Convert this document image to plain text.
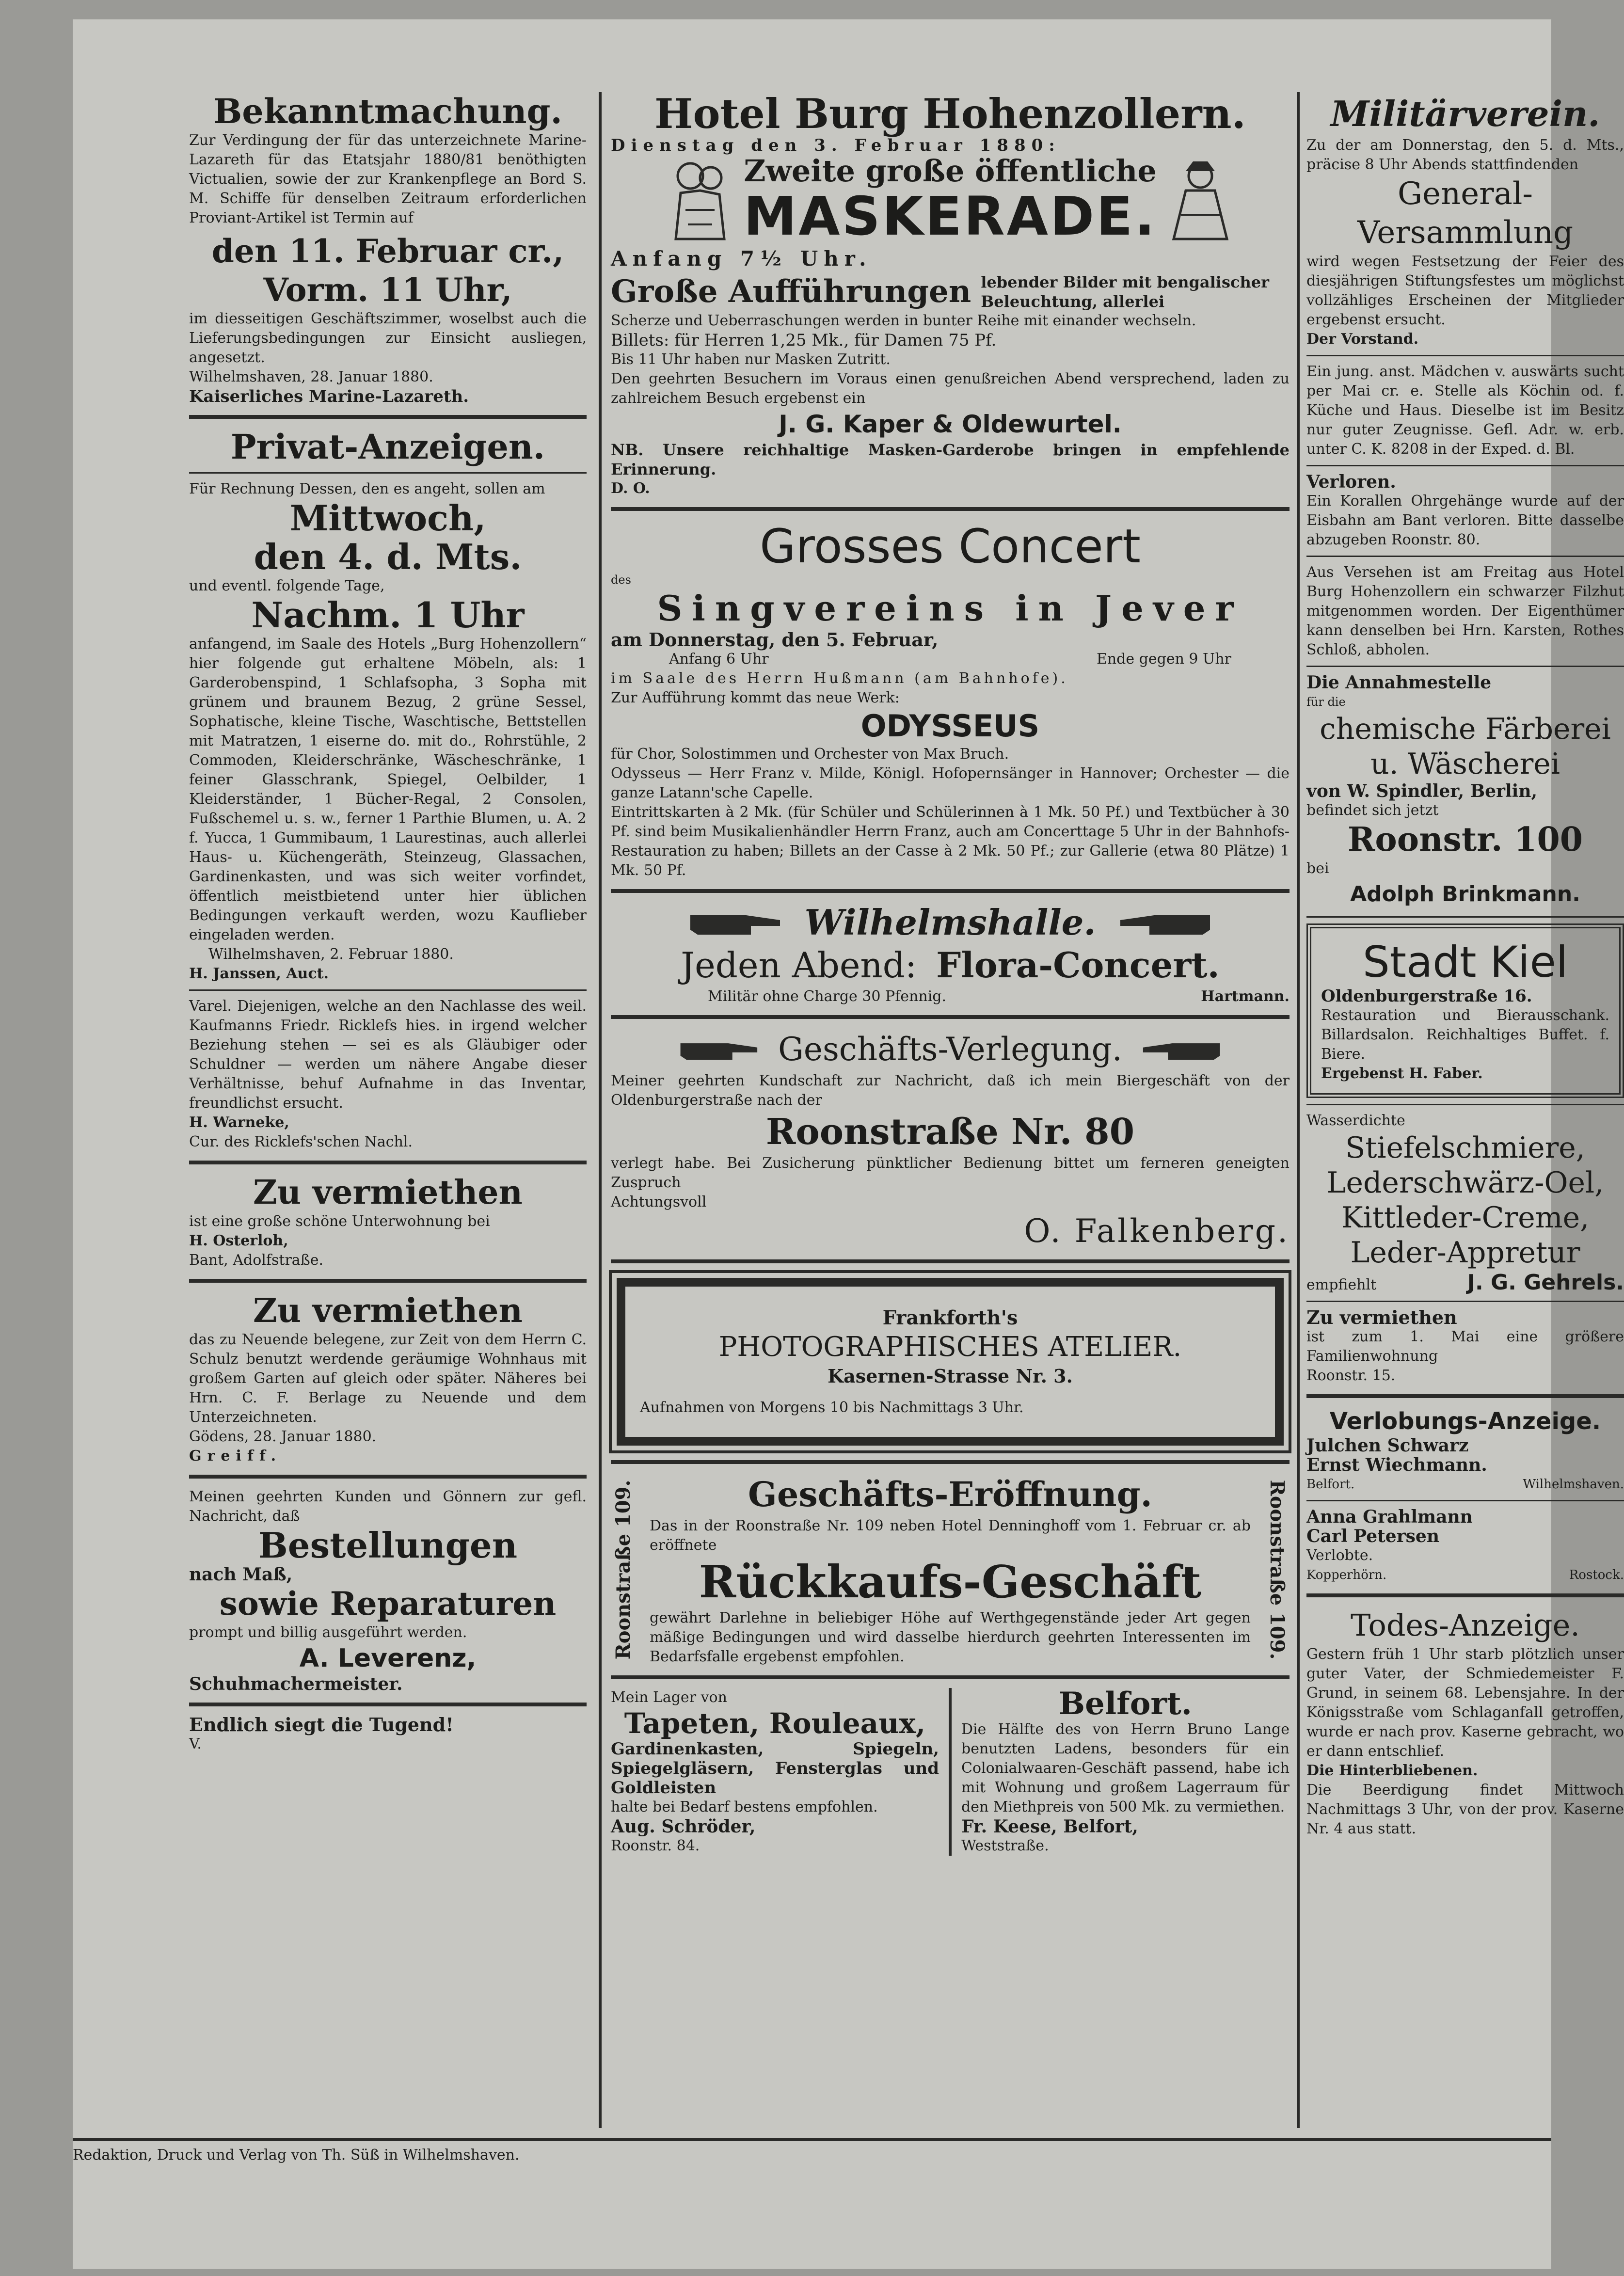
Bekanntmachung.
Zur Verdingung der für das unterzeichnete Marine-Lazareth für das Etatsjahr 1880/81 benöthigten Victualien, sowie der zur Krankenpflege an Bord S. M. Schiffe für denselben Zeitraum erforderlichen Proviant-Artikel ist Termin auf
den 11. Februar cr.,
Vorm. 11 Uhr,
im diesseitigen Geschäftszimmer, woselbst auch die Lieferungsbedingungen zur Einsicht ausliegen, angesetzt.
Wilhelmshaven, 28. Januar 1880.
Kaiserliches Marine-Lazareth.
Privat-Anzeigen.
Für Rechnung Dessen, den es angeht, sollen am
Mittwoch,
den 4. d. Mts.
und eventl. folgende Tage,
Nachm. 1 Uhr
anfangend, im Saale des Hotels „Burg Hohenzollern“ hier folgende gut erhaltene Möbeln, als: 1 Garderobenspind, 1 Schlafsopha, 3 Sopha mit grünem und braunem Bezug, 2 grüne Sessel, Sophatische, kleine Tische, Waschtische, Bettstellen mit Matratzen, 1 eiserne do. mit do., Rohrstühle, 2 Commoden, Kleiderschränke, Wäscheschränke, 1 feiner Glasschrank, Spiegel, Oelbilder, 1 Kleiderständer, 1 Bücher-Regal, 2 Consolen, Fußschemel u. s. w., ferner 1 Parthie Blumen, u. A. 2 f. Yucca, 1 Gummibaum, 1 Laurestinas, auch allerlei Haus- u. Küchengeräth, Steinzeug, Glassachen, Gardinenkasten, und was sich weiter vorfindet, öffentlich meistbietend unter hier üblichen Bedingungen verkauft werden, wozu Kauflieber eingeladen werden.
Wilhelmshaven, 2. Februar 1880.
H. Janssen, Auct.
Varel. Diejenigen, welche an den Nachlasse des weil. Kaufmanns Friedr. Ricklefs hies. in irgend welcher Beziehung stehen — sei es als Gläubiger oder Schuldner — werden um nähere Angabe dieser Verhältnisse, behuf Aufnahme in das Inventar, freundlichst ersucht.
H. Warneke,
Cur. des Ricklefs'schen Nachl.
Zu vermiethen
ist eine große schöne Unterwohnung bei
H. Osterloh,
Bant, Adolfstraße.
Zu vermiethen
das zu Neuende belegene, zur Zeit von dem Herrn C. Schulz benutzt werdende geräumige Wohnhaus mit großem Garten auf gleich oder später. Näheres bei Hrn. C. F. Berlage zu Neuende und dem Unterzeichneten.
Gödens, 28. Januar 1880.
Greiff.
Meinen geehrten Kunden und Gönnern zur gefl. Nachricht, daß
Bestellungen
nach Maß,
sowie Reparaturen
prompt und billig ausgeführt werden.
A. Leverenz,
Schuhmachermeister.
Endlich siegt die Tugend!
V.
Hotel Burg Hohenzollern.
Dienstag den 3. Februar 1880:
Zweite große öffentliche
MASKERADE.
Anfang 7½ Uhr.
Große Aufführungen lebender Bilder mit bengalischer Beleuchtung, allerlei
Scherze und Ueberraschungen werden in bunter Reihe mit einander wechseln.
Billets: für Herren 1,25 Mk., für Damen 75 Pf.
Bis 11 Uhr haben nur Masken Zutritt.
Den geehrten Besuchern im Voraus einen genußreichen Abend versprechend, laden zu zahlreichem Besuch ergebenst ein
J. G. Kaper & Oldewurtel.
NB. Unsere reichhaltige Masken-Garderobe bringen in empfehlende Erinnerung.
D. O.
Grosses Concert
des
Singvereins in Jever
am Donnerstag, den 5. Februar,
Anfang 6 Uhr	Ende gegen 9 Uhr
im Saale des Herrn Hußmann (am Bahnhofe).
Zur Aufführung kommt das neue Werk:
ODYSSEUS
für Chor, Solostimmen und Orchester von Max Bruch.
Odysseus — Herr Franz v. Milde, Königl. Hofopernsänger in Hannover; Orchester — die ganze Latann'sche Capelle.
Eintrittskarten à 2 Mk. (für Schüler und Schülerinnen à 1 Mk. 50 Pf.) und Textbücher à 30 Pf. sind beim Musikalienhändler Herrn Franz, auch am Concerttage 5 Uhr in der Bahnhofs-Restauration zu haben; Billets an der Casse à 2 Mk. 50 Pf.; zur Gallerie (etwa 80 Plätze) 1 Mk. 50 Pf.
Wilhelmshalle.
Jeden Abend: Flora-Concert.
Militär ohne Charge 30 Pfennig.	Hartmann.
Geschäfts-Verlegung.
Meiner geehrten Kundschaft zur Nachricht, daß ich mein Biergeschäft von der Oldenburgerstraße nach der
Roonstraße Nr. 80
verlegt habe. Bei Zusicherung pünktlicher Bedienung bittet um ferneren geneigten Zuspruch
Achtungsvoll
O. Falkenberg.
Frankforth's
PHOTOGRAPHISCHES ATELIER.
Kasernen-Strasse Nr. 3.
Aufnahmen von Morgens 10 bis Nachmittags 3 Uhr.
Roonstraße 109.	Roonstraße 109.
Geschäfts-Eröffnung.
Das in der Roonstraße Nr. 109 neben Hotel Denninghoff vom 1. Februar cr. ab eröffnete
Rückkaufs-Geschäft
gewährt Darlehne in beliebiger Höhe auf Werthgegenstände jeder Art gegen mäßige Bedingungen und wird dasselbe hierdurch geehrten Interessenten im Bedarfsfalle ergebenst empfohlen.
Mein Lager von
Tapeten, Rouleaux,
Gardinenkasten, Spiegeln, Spiegelgläsern, Fensterglas und Goldleisten
halte bei Bedarf bestens empfohlen.
Aug. Schröder,
Roonstr. 84.
Belfort.
Die Hälfte des von Herrn Bruno Lange benutzten Ladens, besonders für ein Colonialwaaren-Geschäft passend, habe ich mit Wohnung und großem Lagerraum für den Miethpreis von 500 Mk. zu vermiethen.
Fr. Keese, Belfort,
Weststraße.
Militärverein.
Zu der am Donnerstag, den 5. d. Mts., präcise 8 Uhr Abends stattfindenden
General-Versammlung
wird wegen Festsetzung der Feier des diesjährigen Stiftungsfestes um möglichst vollzähliges Erscheinen der Mitglieder ergebenst ersucht.
Der Vorstand.
Ein jung. anst. Mädchen v. auswärts sucht per Mai cr. e. Stelle als Köchin od. f. Küche und Haus. Dieselbe ist im Besitz nur guter Zeugnisse. Gefl. Adr. w. erb. unter C. K. 8208 in der Exped. d. Bl.
Verloren.
Ein Korallen Ohrgehänge wurde auf der Eisbahn am Bant verloren. Bitte dasselbe abzugeben Roonstr. 80.
Aus Versehen ist am Freitag aus Hotel Burg Hohenzollern ein schwarzer Filzhut mitgenommen worden. Der Eigenthümer kann denselben bei Hrn. Karsten, Rothes Schloß, abholen.
Die Annahmestelle
für die
chemische Färberei u. Wäscherei
von W. Spindler, Berlin,
befindet sich jetzt
Roonstr. 100
bei
Adolph Brinkmann.
Stadt Kiel
Oldenburgerstraße 16.
Restauration und Bierausschank. Billardsalon. Reichhaltiges Buffet. f. Biere.
Ergebenst H. Faber.
Wasserdichte
Stiefelschmiere,
Lederschwärz-Oel,
Kittleder-Creme,
Leder-Appretur
empfiehlt	J. G. Gehrels.
Zu vermiethen
ist zum 1. Mai eine größere Familienwohnung
Roonstr. 15.
Verlobungs-Anzeige.
Julchen Schwarz
Ernst Wiechmann.
Belfort.	Wilhelmshaven.
Anna Grahlmann
Carl Petersen
Verlobte.
Kopperhörn.	Rostock.
Todes-Anzeige.
Gestern früh 1 Uhr starb plötzlich unser guter Vater, der Schmiedemeister F. Grund, in seinem 68. Lebensjahre. In der Königsstraße vom Schlaganfall getroffen, wurde er nach prov. Kaserne gebracht, wo er dann entschlief.
Die Hinterbliebenen.
Die Beerdigung findet Mittwoch Nachmittags 3 Uhr, von der prov. Kaserne Nr. 4 aus statt.
Redaktion, Druck und Verlag von Th. Süß in Wilhelmshaven.
